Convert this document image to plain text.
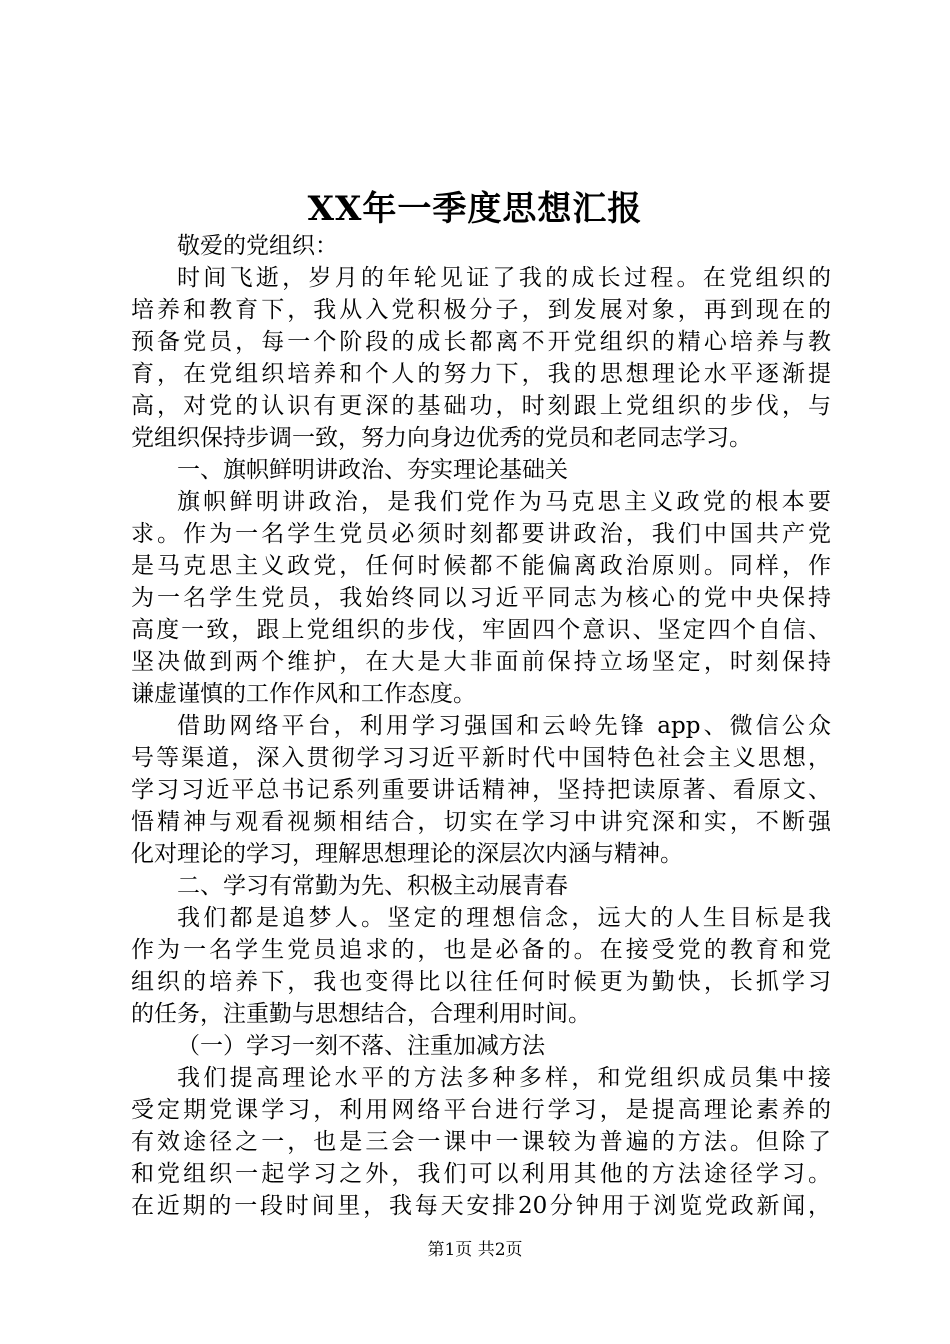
XX年一季度思想汇报

敬爱的党组织：

时间飞逝，岁月的年轮见证了我的成长过程。在党组织的

培养和教育下，我从入党积极分子，到发展对象，再到现在的

预备党员，每一个阶段的成长都离不开党组织的精心培养与教

育，在党组织培养和个人的努力下，我的思想理论水平逐渐提

高，对党的认识有更深的基础功，时刻跟上党组织的步伐，与

党组织保持步调一致，努力向身边优秀的党员和老同志学习。

一、旗帜鲜明讲政治、夯实理论基础关

旗帜鲜明讲政治，是我们党作为马克思主义政党的根本要

求。作为一名学生党员必须时刻都要讲政治，我们中国共产党

是马克思主义政党，任何时候都不能偏离政治原则。同样，作

为一名学生党员，我始终同以习近平同志为核心的党中央保持

高度一致，跟上党组织的步伐，牢固四个意识、坚定四个自信、

坚决做到两个维护，在大是大非面前保持立场坚定，时刻保持

谦虚谨慎的工作作风和工作态度。

借助网络平台，利用学习强国和云岭先锋 app、微信公众

号等渠道，深入贯彻学习习近平新时代中国特色社会主义思想，

学习习近平总书记系列重要讲话精神，坚持把读原著、看原文、

悟精神与观看视频相结合，切实在学习中讲究深和实，不断强

化对理论的学习，理解思想理论的深层次内涵与精神。

二、学习有常勤为先、积极主动展青春

我们都是追梦人。坚定的理想信念，远大的人生目标是我

作为一名学生党员追求的，也是必备的。在接受党的教育和党

组织的培养下，我也变得比以往任何时候更为勤快，长抓学习

的任务，注重勤与思想结合，合理利用时间。

（一）学习一刻不落、注重加减方法

我们提高理论水平的方法多种多样，和党组织成员集中接

受定期党课学习，利用网络平台进行学习，是提高理论素养的

有效途径之一，也是三会一课中一课较为普遍的方法。但除了

和党组织一起学习之外，我们可以利用其他的方法途径学习。

在近期的一段时间里，我每天安排20分钟用于浏览党政新闻，

第1页 共2页
